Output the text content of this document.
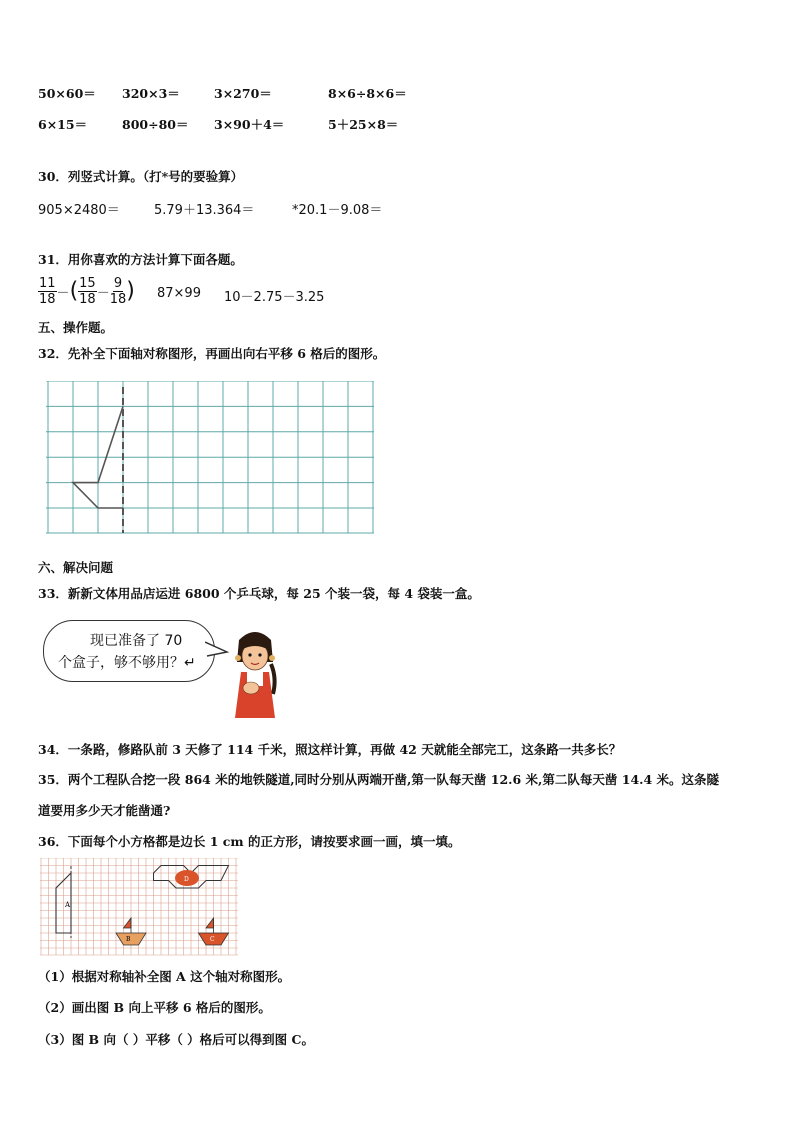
50×60＝ 320×3＝	3×270＝	8×6÷8×6＝
6×15＝	800÷80＝ 3×90＋4＝	5＋25×8＝
30．列竖式计算。（打*号的要验算）
905×2480＝	5.79＋13.364＝	*20.1－9.08＝
31．用你喜欢的方法计算下面各题。
$\frac{11}{18}$ －( $\frac{15}{18} - \frac{9}{18}$ ) 87×99 10－2.75－3.25
五、操作题。
32．先补全下面轴对称图形，再画出向右平移 6 格后的图形。
六、解决问题
33．新新文体用品店运进 6800 个乒乓球，每 25 个装一袋，每 4 袋装一盒。
现已准备了 70
个盒子，够不够用？↵
34．一条路，修路队前 3 天修了 114 千米，照这样计算，再做 42 天就能全部完工，这条路一共多长？
35．两个工程队合挖一段 864 米的地铁隧道,同时分别从两端开凿,第一队每天凿 12.6 米,第二队每天凿 14.4 米。这条隧
道要用多少天才能凿通?
36．下面每个小方格都是边长 1 cm 的正方形，请按要求画一画，填一填。
A
D
B	C
（1）根据对称轴补全图 A 这个轴对称图形。
（2）画出图 B 向上平移 6 格后的图形。
（3）图 B 向（ ）平移（ ）格后可以得到图 C。
